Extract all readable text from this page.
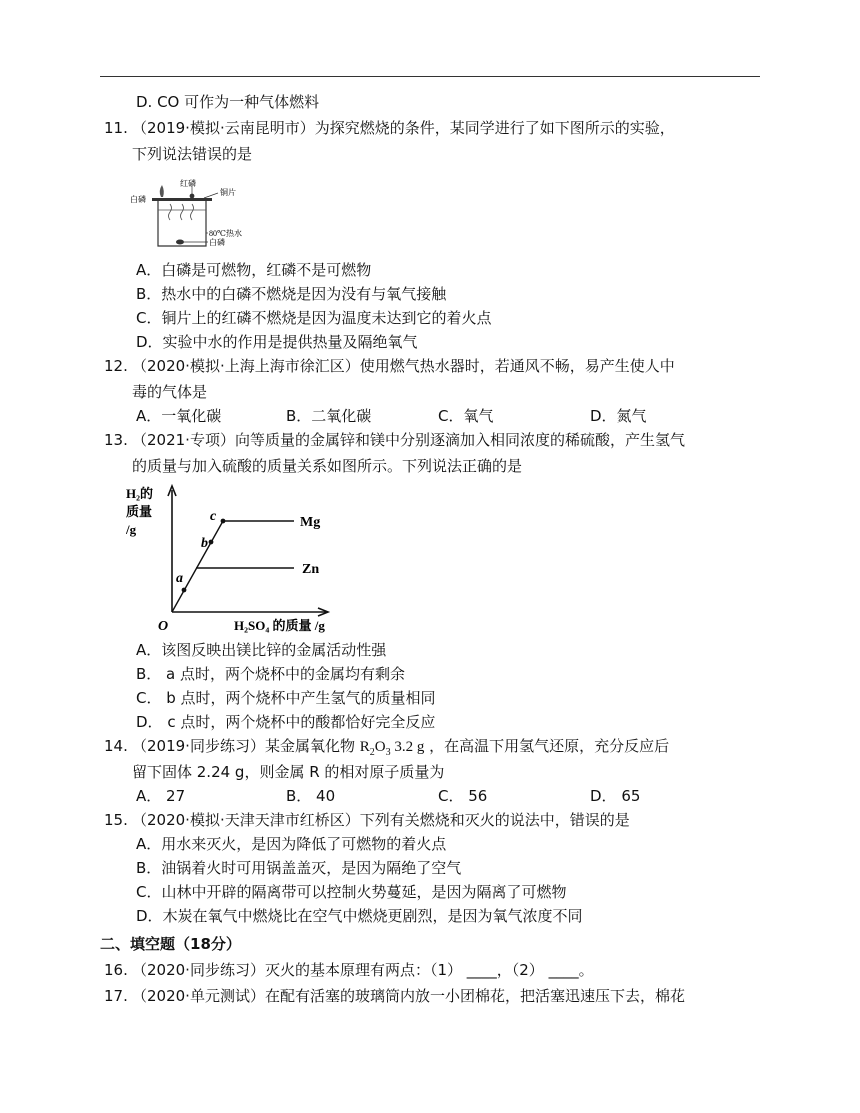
D. CO 可作为一种气体燃料
11. （2019·模拟·云南昆明市）为探究燃烧的条件，某同学进行了如下图所示的实验，
下列说法错误的是
红磷
白磷
铜片
80℃热水
白磷
A．白磷是可燃物，红磷不是可燃物
B．热水中的白磷不燃烧是因为没有与氧气接触
C．铜片上的红磷不燃烧是因为温度未达到它的着火点
D．实验中水的作用是提供热量及隔绝氧气
12. （2020·模拟·上海上海市徐汇区）使用燃气热水器时，若通风不畅，易产生使人中
毒的气体是
A．一氧化碳	B．二氧化碳	C．氧气	D．氮气
13. （2021·专项）向等质量的金属锌和镁中分别逐滴加入相同浓度的稀硫酸，产生氢气
的质量与加入硫酸的质量关系如图所示。下列说法正确的是
a
b
c	Mg
Zn
H₂的
质量
/g
O	H₂SO₄ 的质量 /g
A．该图反映出镁比锌的金属活动性强
B． a 点时，两个烧杯中的金属均有剩余
C． b 点时，两个烧杯中产生氢气的质量相同
D． c 点时，两个烧杯中的酸都恰好完全反应
14. （2019·同步练习）某金属氧化物 $R_2O_3$ 3.2 g ，在高温下用氢气还原，充分反应后
留下固体 2.24 g，则金属 R 的相对原子质量为
A． 27	B． 40	C． 56	D． 65
15. （2020·模拟·天津天津市红桥区）下列有关燃烧和灭火的说法中，错误的是
A．用水来灭火，是因为降低了可燃物的着火点
B．油锅着火时可用锅盖盖灭，是因为隔绝了空气
C．山林中开辟的隔离带可以控制火势蔓延，是因为隔离了可燃物
D．木炭在氧气中燃烧比在空气中燃烧更剧烈，是因为氧气浓度不同
二、填空题（18分）
16. （2020·同步练习）灭火的基本原理有两点：（1） ____，（2） ____。
17. （2020·单元测试）在配有活塞的玻璃筒内放一小团棉花，把活塞迅速压下去，棉花
